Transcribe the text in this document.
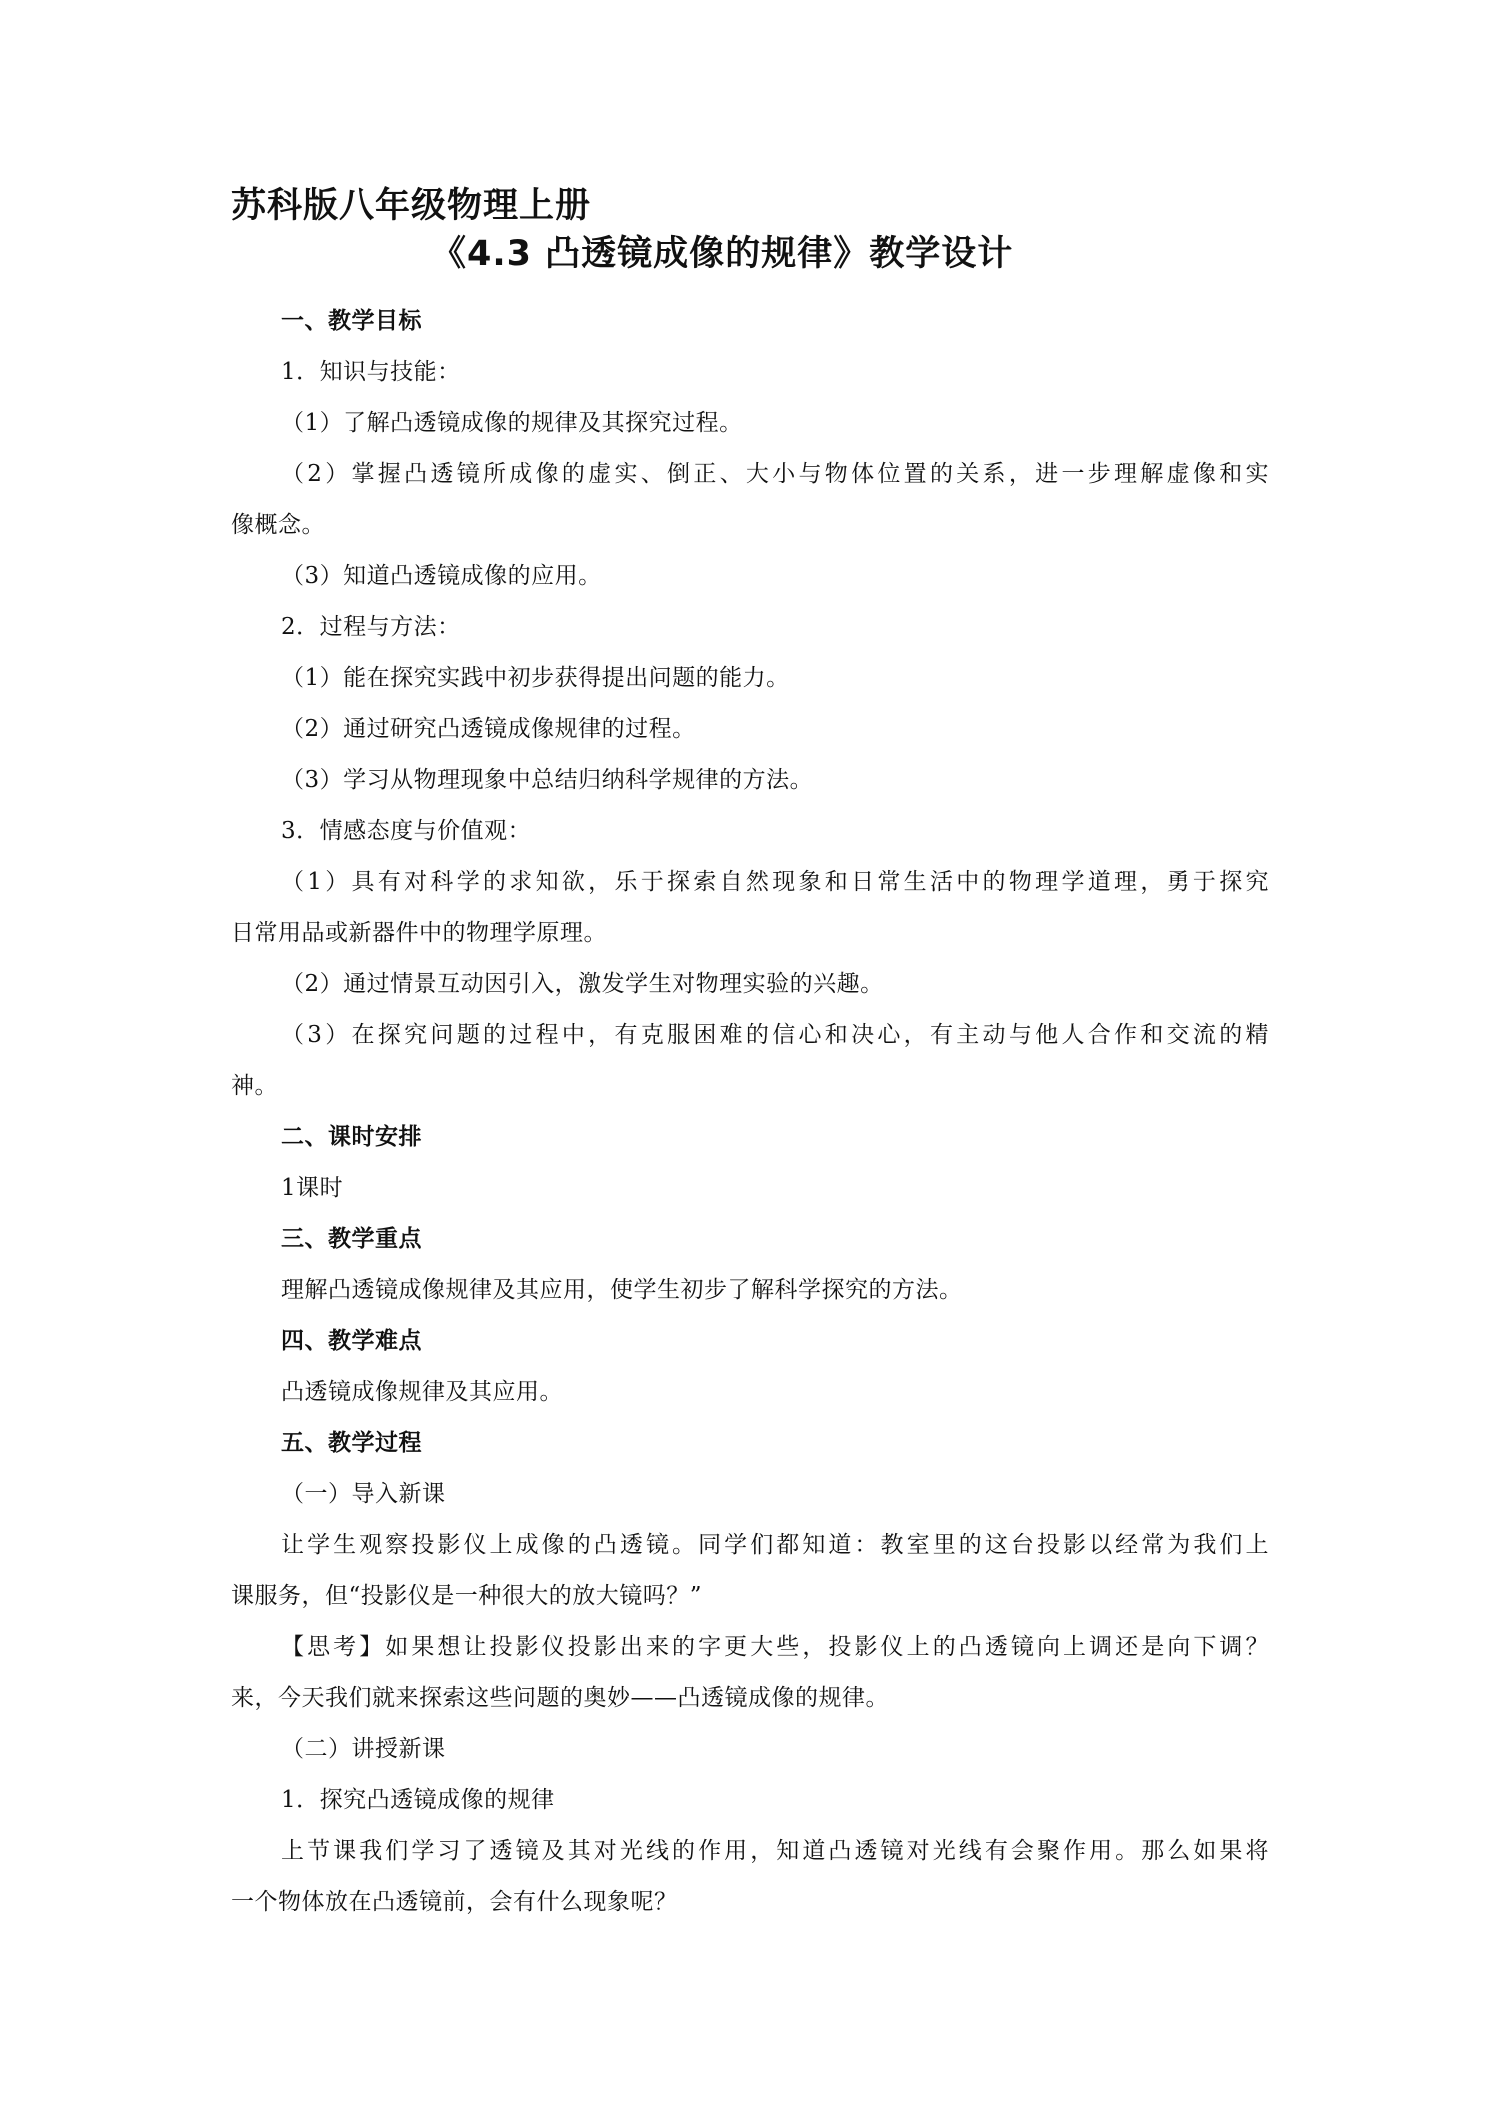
苏科版八年级物理上册
《4.3 凸透镜成像的规律》教学设计
一、教学目标
1．知识与技能：
（1）了解凸透镜成像的规律及其探究过程。
（2）掌握凸透镜所成像的虚实、倒正、大小与物体位置的关系，进一步理解虚像和实
像概念。
（3）知道凸透镜成像的应用。
2．过程与方法：
（1）能在探究实践中初步获得提出问题的能力。
（2）通过研究凸透镜成像规律的过程。
（3）学习从物理现象中总结归纳科学规律的方法。
3．情感态度与价值观：
（1）具有对科学的求知欲，乐于探索自然现象和日常生活中的物理学道理，勇于探究
日常用品或新器件中的物理学原理。
（2）通过情景互动因引入，激发学生对物理实验的兴趣。
（3）在探究问题的过程中，有克服困难的信心和决心，有主动与他人合作和交流的精
神。
二、课时安排
1课时
三、教学重点
理解凸透镜成像规律及其应用，使学生初步了解科学探究的方法。
四、教学难点
凸透镜成像规律及其应用。
五、教学过程
（一）导入新课
让学生观察投影仪上成像的凸透镜。同学们都知道：教室里的这台投影以经常为我们上
课服务，但“投影仪是一种很大的放大镜吗？”
【思考】如果想让投影仪投影出来的字更大些，投影仪上的凸透镜向上调还是向下调？
来，今天我们就来探索这些问题的奥妙——凸透镜成像的规律。
（二）讲授新课
1．探究凸透镜成像的规律
上节课我们学习了透镜及其对光线的作用，知道凸透镜对光线有会聚作用。那么如果将
一个物体放在凸透镜前，会有什么现象呢？
